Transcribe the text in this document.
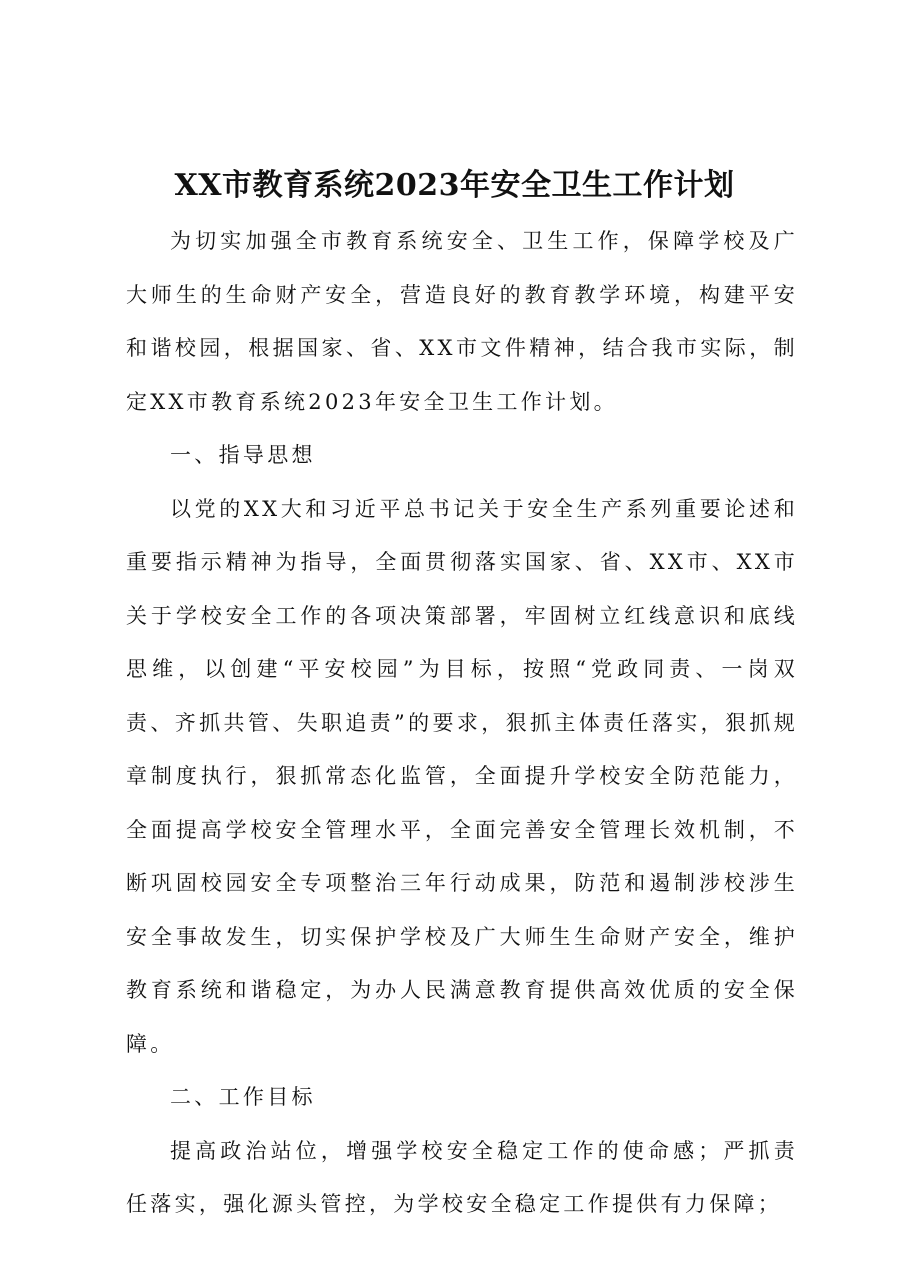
XX市教育系统2023年安全卫生工作计划

为切实加强全市教育系统安全、卫生工作，保障学校及广大师生的生命财产安全，营造良好的教育教学环境，构建平安和谐校园，根据国家、省、XX市文件精神，结合我市实际，制定XX市教育系统2023年安全卫生工作计划。

一、指导思想

以党的XX大和习近平总书记关于安全生产系列重要论述和重要指示精神为指导，全面贯彻落实国家、省、XX市、XX市关于学校安全工作的各项决策部署，牢固树立红线意识和底线思维，以创建“平安校园”为目标，按照“党政同责、一岗双责、齐抓共管、失职追责”的要求，狠抓主体责任落实，狠抓规章制度执行，狠抓常态化监管，全面提升学校安全防范能力，全面提高学校安全管理水平，全面完善安全管理长效机制，不断巩固校园安全专项整治三年行动成果，防范和遏制涉校涉生安全事故发生，切实保护学校及广大师生生命财产安全，维护教育系统和谐稳定，为办人民满意教育提供高效优质的安全保障。

二、工作目标

提高政治站位，增强学校安全稳定工作的使命感；严抓责任落实，强化源头管控，为学校安全稳定工作提供有力保障；
